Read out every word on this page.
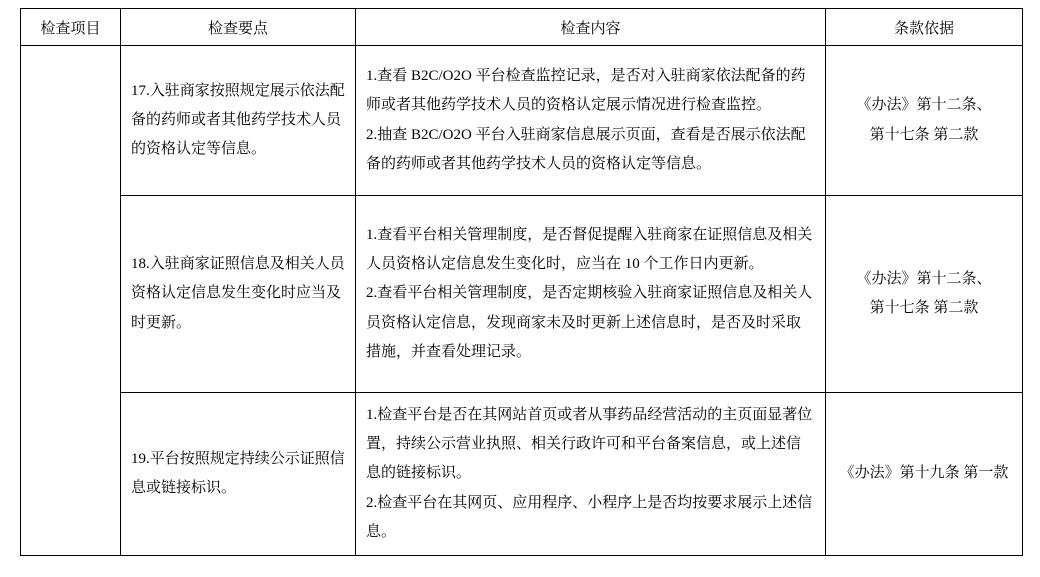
检查项目	检查要点	检查内容	条款依据
	17.入驻商家按照规定展示依法配备的药师或者其他药学技术人员的资格认定等信息。	1.查看 B2C/O2O 平台检查监控记录，是否对入驻商家依法配备的药师或者其他药学技术人员的资格认定展示情况进行检查监控。
2.抽查 B2C/O2O 平台入驻商家信息展示页面，查看是否展示依法配备的药师或者其他药学技术人员的资格认定等信息。	《办法》第十二条、
第十七条 第二款

	18.入驻商家证照信息及相关人员资格认定信息发生变化时应当及时更新。	1.查看平台相关管理制度，是否督促提醒入驻商家在证照信息及相关人员资格认定信息发生变化时，应当在 10 个工作日内更新。
2.查看平台相关管理制度，是否定期核验入驻商家证照信息及相关人员资格认定信息，发现商家未及时更新上述信息时，是否及时采取措施，并查看处理记录。	《办法》第十二条、
第十七条 第二款

	19.平台按照规定持续公示证照信息或链接标识。	1.检查平台是否在其网站首页或者从事药品经营活动的主页面显著位置，持续公示营业执照、相关行政许可和平台备案信息，或上述信息的链接标识。
2.检查平台在其网页、应用程序、小程序上是否均按要求展示上述信息。	《办法》第十九条 第一款
